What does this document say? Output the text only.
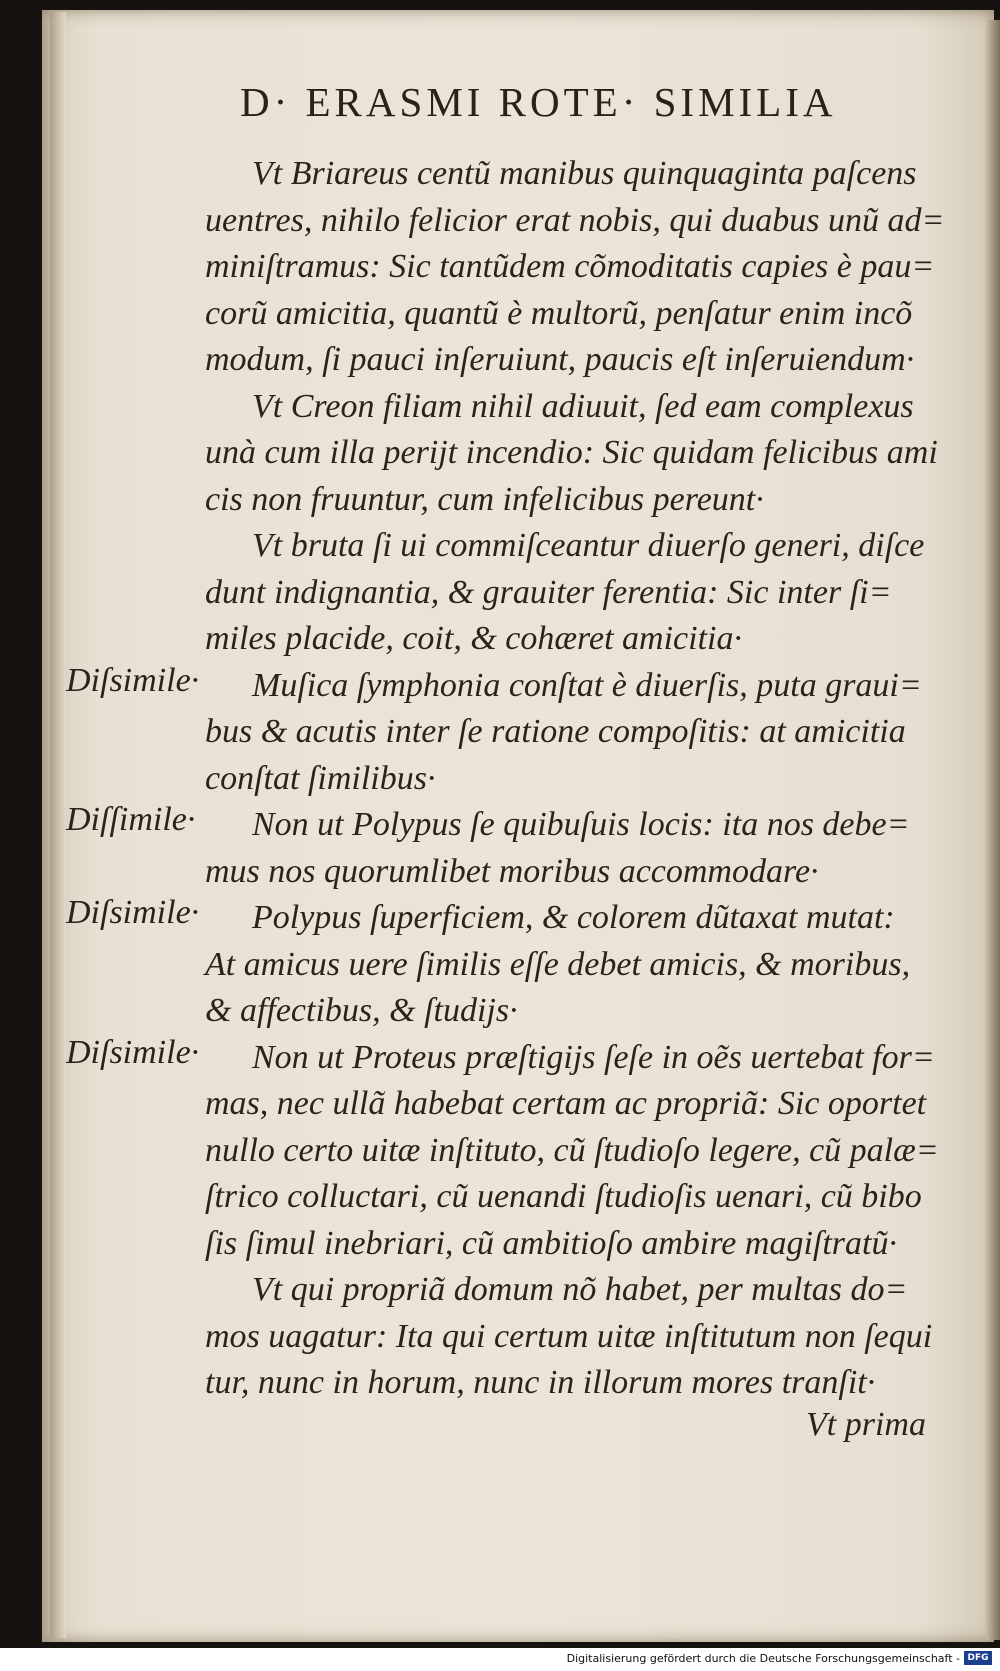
D· ERASMI ROTE· SIMILIA
Vt Briareus centũ manibus quinquaginta paſcens
uentres, nihilo felicior erat nobis, qui duabus unũ ad=
miniſtramus: Sic tantũdem cõmoditatis capies è pau=
corũ amicitia, quantũ è multorũ, penſatur enim incõ
modum, ſi pauci inſeruiunt, paucis eſt inſeruiendum·
Vt Creon filiam nihil adiuuit, ſed eam complexus
unà cum illa perijt incendio: Sic quidam felicibus ami
cis non fruuntur, cum infelicibus pereunt·
Vt bruta ſi ui commiſceantur diuerſo generi, diſce
dunt indignantia, & grauiter ferentia: Sic inter ſi=
miles placide, coit, & cohæret amicitia·
Muſica ſymphonia conſtat è diuerſis, puta graui=
bus & acutis inter ſe ratione compoſitis: at amicitia
conſtat ſimilibus·
Non ut Polypus ſe quibuſuis locis: ita nos debe=
mus nos quorumlibet moribus accommodare·
Polypus ſuperficiem, & colorem dũtaxat mutat:
At amicus uere ſimilis eſſe debet amicis, & moribus,
& affectibus, & ſtudijs·
Non ut Proteus præſtigijs ſeſe in oẽs uertebat for=
mas, nec ullã habebat certam ac propriã: Sic oportet
nullo certo uitæ inſtituto, cũ ſtudioſo legere, cũ palæ=
ſtrico colluctari, cũ uenandi ſtudioſis uenari, cũ bibo
ſis ſimul inebriari, cũ ambitioſo ambire magiſtratũ·
Vt qui propriã domum nõ habet, per multas do=
mos uagatur: Ita qui certum uitæ inſtitutum non ſequi
tur, nunc in horum, nunc in illorum mores tranſit·
Diſsimile·
Diſſimile·
Diſsimile·
Diſsimile·
Digitalisierung gefördert durch die Deutsche Forschungsgemeinschaft - DFG
Vt prima
